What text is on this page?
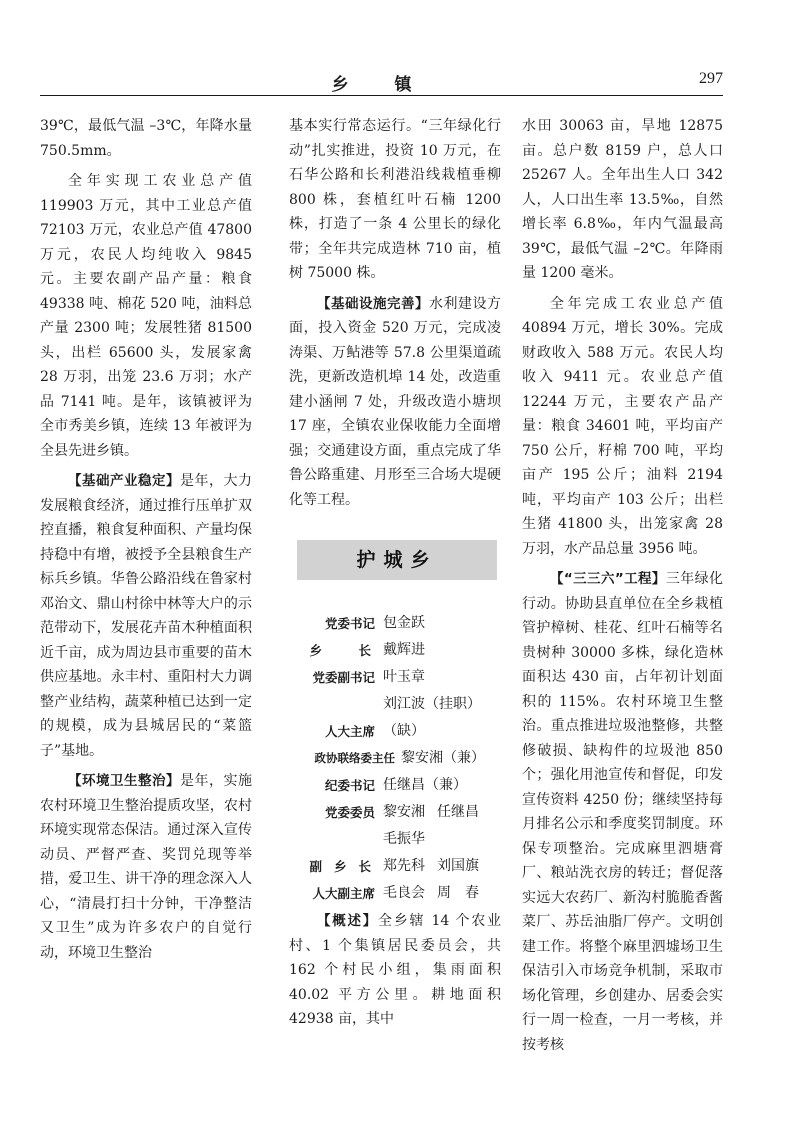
乡 镇	297

39℃，最低气温 –3℃，年降水量 750.5mm。

全年实现工农业总产值 119903 万元，其中工业总产值 72103 万元，农业总产值 47800 万元，农民人均纯收入 9845 元。主要农副产品产量：粮食 49338 吨、棉花 520 吨，油料总产量 2300 吨；发展牲猪 81500 头，出栏 65600 头，发展家禽 28 万羽，出笼 23.6 万羽；水产品 7141 吨。是年，该镇被评为全市秀美乡镇，连续 13 年被评为全县先进乡镇。

【基础产业稳定】是年，大力发展粮食经济，通过推行压单扩双控直播，粮食复种面积、产量均保持稳中有增，被授予全县粮食生产标兵乡镇。华鲁公路沿线在鲁家村邓治文、鼎山村徐中林等大户的示范带动下，发展花卉苗木种植面积近千亩，成为周边县市重要的苗木供应基地。永丰村、重阳村大力调整产业结构，蔬菜种植已达到一定的规模，成为县城居民的“菜篮子”基地。

【环境卫生整治】是年，实施农村环境卫生整治提质攻坚，农村环境实现常态保洁。通过深入宣传动员、严督严查、奖罚兑现等举措，爱卫生、讲干净的理念深入人心，“清晨打扫十分钟，干净整洁又卫生”成为许多农户的自觉行动，环境卫生整治

基本实行常态运行。“三年绿化行动”扎实推进，投资 10 万元，在石华公路和长利港沿线栽植垂柳 800 株，套植红叶石楠 1200 株，打造了一条 4 公里长的绿化带；全年共完成造林 710 亩，植树 75000 株。

【基础设施完善】水利建设方面，投入资金 520 万元，完成凌涛渠、万鲇港等 57.8 公里渠道疏洗，更新改造机埠 14 处，改造重建小涵闸 7 处，升级改造小塘坝 17 座，全镇农业保收能力全面增强；交通建设方面，重点完成了华鲁公路重建、月形至三合场大堤硬化等工程。

护城乡
党委书记 包金跃
乡　长 戴辉进
党委副书记 叶玉章
刘江波（挂职）
人大主席 （缺）
政协联络委主任 黎安湘（兼）
纪委书记 任继昌（兼）
党委委员 黎安湘 任继昌
毛振华
副乡长 郑先科 刘国旗
人大副主席 毛良会 周　春

【概述】全乡辖 14 个农业村、1 个集镇居民委员会，共 162 个村民小组，集雨面积 40.02 平方公里。耕地面积 42938 亩，其中

水田 30063 亩，旱地 12875 亩。总户数 8159 户，总人口 25267 人。全年出生人口 342 人，人口出生率 13.5‰，自然增长率 6.8‰，年内气温最高 39℃，最低气温 –2℃。年降雨量 1200 毫米。

全年完成工农业总产值 40894 万元，增长 30%。完成财政收入 588 万元。农民人均收入 9411 元。农业总产值 12244 万元，主要农产品产量：粮食 34601 吨，平均亩产 750 公斤，籽棉 700 吨，平均亩产 195 公斤；油料 2194 吨，平均亩产 103 公斤；出栏生猪 41800 头，出笼家禽 28 万羽，水产品总量 3956 吨。

【“三三六”工程】三年绿化行动。协助县直单位在全乡栽植管护樟树、桂花、红叶石楠等名贵树种 30000 多株，绿化造林面积达 430 亩，占年初计划面积的 115%。农村环境卫生整治。重点推进垃圾池整修，共整修破损、缺构件的垃圾池 850 个；强化用池宣传和督促，印发宣传资料 4250 份；继续坚持每月排名公示和季度奖罚制度。环保专项整治。完成麻里泗塘膏厂、粮站洗衣房的转迁；督促落实远大农药厂、新沟村脆脆香酱菜厂、苏岳油脂厂停产。文明创建工作。将整个麻里泗墟场卫生保洁引入市场竞争机制，采取市场化管理，乡创建办、居委会实行一周一检查，一月一考核，并按考核
